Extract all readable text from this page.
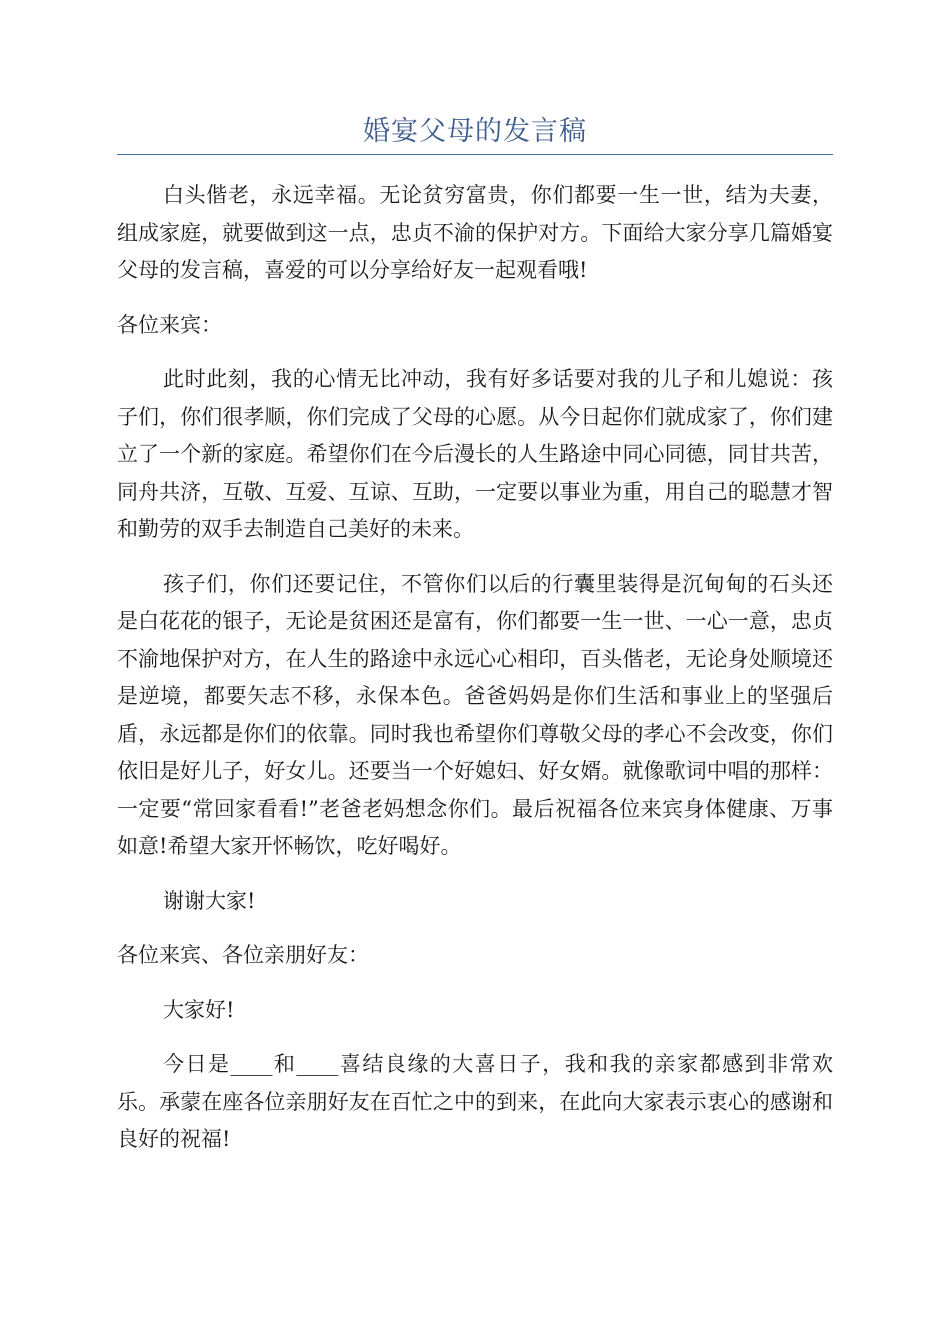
婚宴父母的发言稿

白头偕老，永远幸福。无论贫穷富贵，你们都要一生一世，结为夫妻，组成家庭，就要做到这一点，忠贞不渝的保护对方。下面给大家分享几篇婚宴父母的发言稿，喜爱的可以分享给好友一起观看哦!

各位来宾：

此时此刻，我的心情无比冲动，我有好多话要对我的儿子和儿媳说：孩子们，你们很孝顺，你们完成了父母的心愿。从今日起你们就成家了，你们建立了一个新的家庭。希望你们在今后漫长的人生路途中同心同德，同甘共苦，同舟共济，互敬、互爱、互谅、互助，一定要以事业为重，用自己的聪慧才智和勤劳的双手去制造自己美好的未来。

孩子们，你们还要记住，不管你们以后的行囊里装得是沉甸甸的石头还是白花花的银子，无论是贫困还是富有，你们都要一生一世、一心一意，忠贞不渝地保护对方，在人生的路途中永远心心相印，百头偕老，无论身处顺境还是逆境，都要矢志不移，永保本色。爸爸妈妈是你们生活和事业上的坚强后盾，永远都是你们的依靠。同时我也希望你们尊敬父母的孝心不会改变，你们依旧是好儿子，好女儿。还要当一个好媳妇、好女婿。就像歌词中唱的那样：一定要“常回家看看!”老爸老妈想念你们。最后祝福各位来宾身体健康、万事如意!希望大家开怀畅饮，吃好喝好。

谢谢大家!

各位来宾、各位亲朋好友：

大家好!

今日是____和____喜结良缘的大喜日子，我和我的亲家都感到非常欢乐。承蒙在座各位亲朋好友在百忙之中的到来，在此向大家表示衷心的感谢和良好的祝福!
